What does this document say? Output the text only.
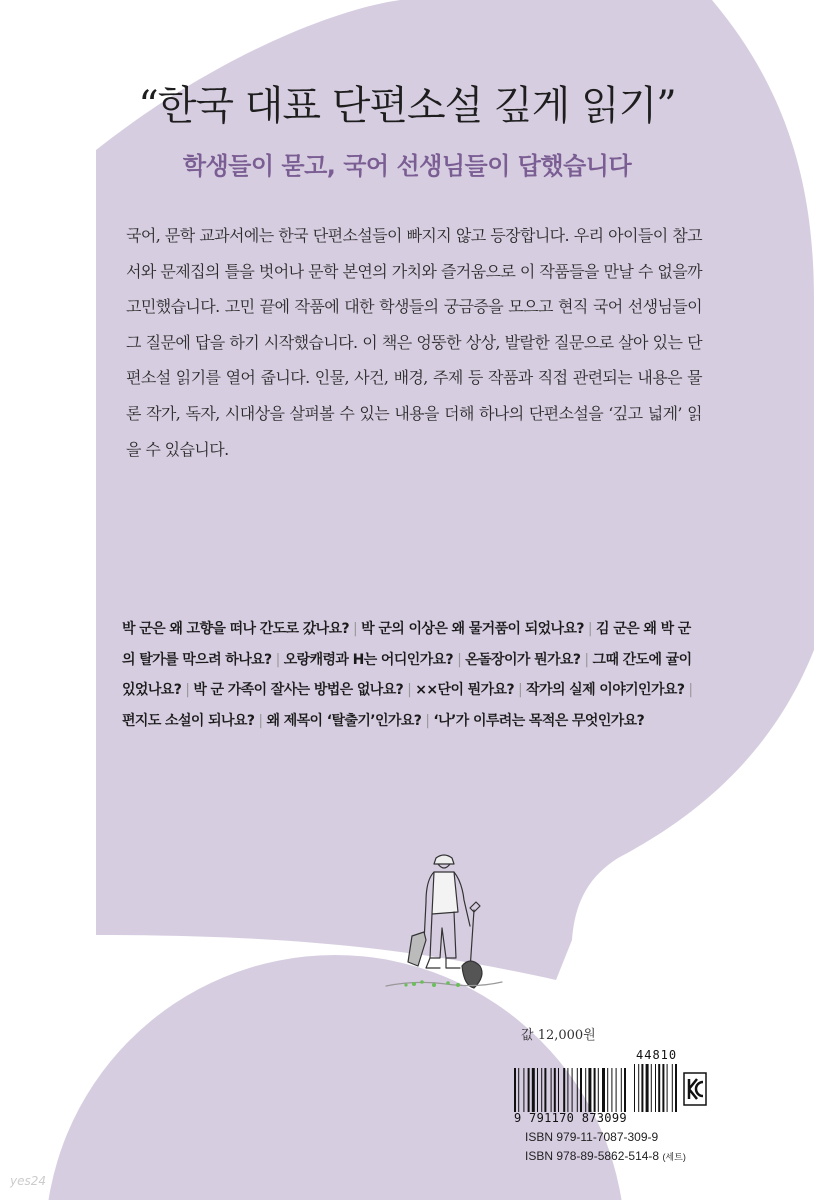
“한국 대표 단편소설 깊게 읽기”
학생들이 묻고, 국어 선생님들이 답했습니다

국어, 문학 교과서에는 한국 단편소설들이 빠지지 않고 등장합니다. 우리 아이들이 참고서와 문제집의 틀을 벗어나 문학 본연의 가치와 즐거움으로 이 작품들을 만날 수 없을까 고민했습니다. 고민 끝에 작품에 대한 학생들의 궁금증을 모으고 현직 국어 선생님들이 그 질문에 답을 하기 시작했습니다. 이 책은 엉뚱한 상상, 발랄한 질문으로 살아 있는 단편소설 읽기를 열어 줍니다. 인물, 사건, 배경, 주제 등 작품과 직접 관련되는 내용은 물론 작가, 독자, 시대상을 살펴볼 수 있는 내용을 더해 하나의 단편소설을 ‘깊고 넓게’ 읽을 수 있습니다.

박 군은 왜 고향을 떠나 간도로 갔나요? | 박 군의 이상은 왜 물거품이 되었나요? | 김 군은 왜 박 군의 탈가를 막으려 하나요? | 오랑캐령과 H는 어디인가요? | 온돌장이가 뭔가요? | 그때 간도에 귤이 있었나요? | 박 군 가족이 잘사는 방법은 없나요? | ××단이 뭔가요? | 작가의 실제 이야기인가요? |편지도 소설이 되나요? | 왜 제목이 ‘탈출기’인가요? | ‘나’가 이루려는 목적은 무엇인가요?
값 12,000원
44810
9 791170 873099
ISBN 979-11-7087-309-9
ISBN 978-89-5862-514-8 (세트)
yes24
